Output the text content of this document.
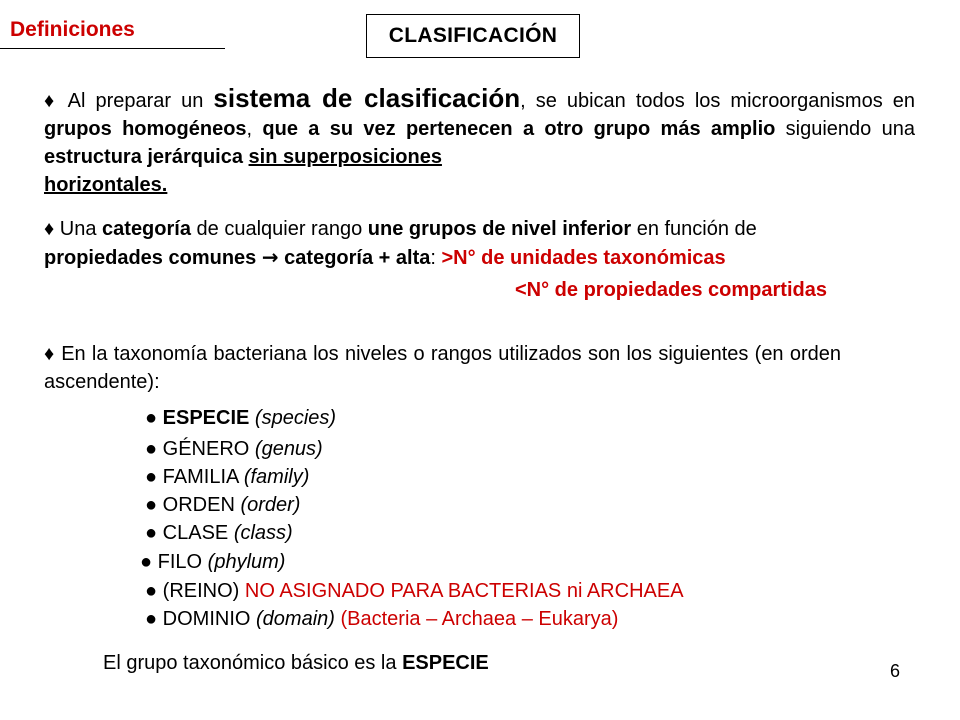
Definiciones	CLASIFICACIÓN
♦ Al preparar un sistema de clasificación, se ubican todos los microorganismos en grupos homogéneos, que a su vez pertenecen a otro grupo más amplio siguiendo una estructura jerárquica sin superposiciones
horizontales.
♦ Una categoría de cualquier rango une grupos de nivel inferior en función de
propiedades comunes → categoría + alta: >N° de unidades taxonómicas
<N° de propiedades compartidas
♦ En la taxonomía bacteriana los niveles o rangos utilizados son los siguientes (en orden ascendente):
● ESPECIE (species)
● GÉNERO (genus)
● FAMILIA (family)
● ORDEN (order)
● CLASE (class)
● FILO (phylum)
● (REINO) NO ASIGNADO PARA BACTERIAS ni ARCHAEA
● DOMINIO (domain) (Bacteria – Archaea – Eukarya)
El grupo taxonómico básico es la ESPECIE	6
